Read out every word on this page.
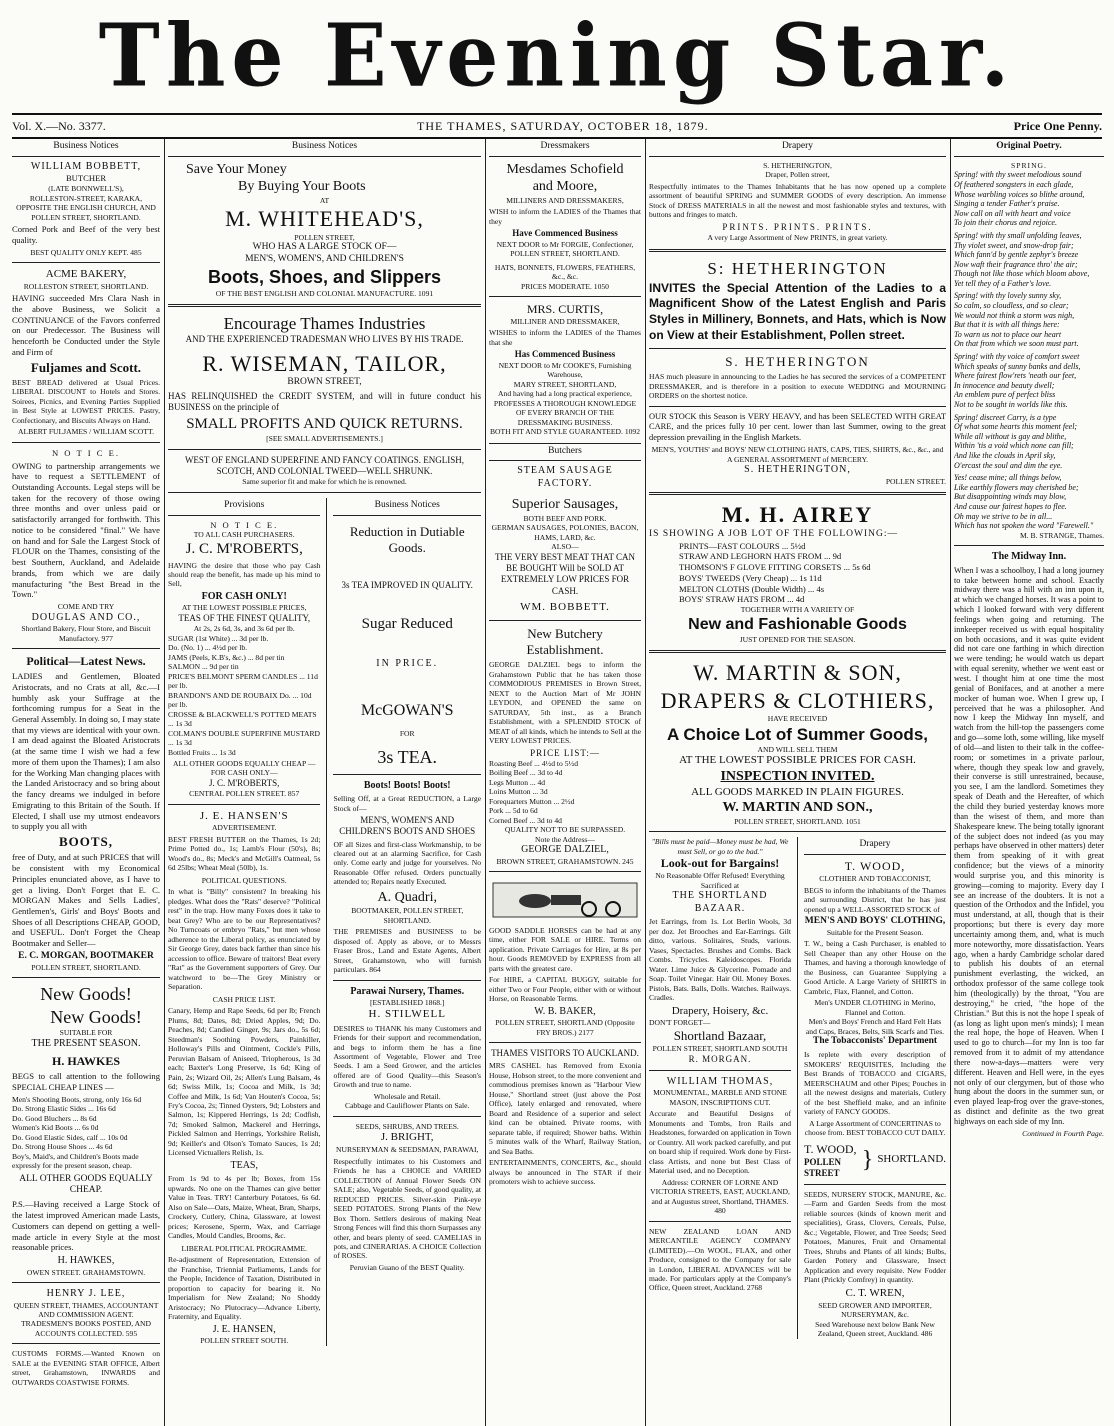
The Evening Star.
Vol. X.—No. 3377.	THE THAMES, SATURDAY, OCTOBER 18, 1879.	Price One Penny.
Business Notices
WILLIAM BOBBETT,
BUTCHER
(LATE BONNWELL'S),
ROLLESTON-STREET, KARAKA, OPPOSITE THE ENGLISH CHURCH, AND POLLEN STREET, SHORTLAND.
Corned Pork and Beef of the very best quality.
BEST QUALITY ONLY KEPT. 485
ACME BAKERY,
ROLLESTON STREET, SHORTLAND.
HAVING succeeded Mrs Clara Nash in the above Business, we Solicit a CONTINUANCE of the Favors conferred on our Predecessor. The Business will henceforth be Conducted under the Style and Firm of
Fuljames and Scott.
BEST BREAD delivered at Usual Prices. LIBERAL DISCOUNT to Hotels and Stores. Soirees, Picnics, and Evening Parties Supplied in Best Style at LOWEST PRICES. Pastry, Confectionary, and Biscuits Always on Hand.
ALBERT FULJAMES / WILLIAM SCOTT.
N O T I C E.
OWING to partnership arrangements we have to request a SETTLEMENT of Outstanding Accounts. Legal steps will be taken for the recovery of those owing three months and over unless paid or satisfactorily arranged for forthwith. This notice to be considered "final." We have on hand and for Sale the Largest Stock of FLOUR on the Thames, consisting of the best Southern, Auckland, and Adelaide brands, from which we are daily manufacturing "the Best Bread in the Town."
COME AND TRY
DOUGLAS AND CO.,
Shortland Bakery, Flour Store, and Biscuit Manufactory. 977
Political—Latest News.
LADIES and Gentlemen, Bloated Aristocrats, and no Crats at all, &c.—I humbly ask your Suffrage at the forthcoming rumpus for a Seat in the General Assembly. In doing so, I may state that my views are identical with your own. I am dead against the Bloated Aristocrats (at the same time I wish we had a few more of them upon the Thames); I am also for the Working Man changing places with the Landed Aristocracy and so bring about the fancy dreams we indulged in before Emigrating to this Britain of the South. If Elected, I shall use my utmost endeavors to supply you all with
BOOTS,
free of Duty, and at such PRICES that will be consistent with my Economical Principles enunciated above, as I have to get a living. Don't Forget that E. C. MORGAN Makes and Sells Ladies', Gentlemen's, Girls' and Boys' Boots and Shoes of all Descriptions CHEAP, GOOD, and USEFUL. Don't Forget the Cheap Bootmaker and Seller—
E. C. MORGAN, BOOTMAKER
POLLEN STREET, SHORTLAND.
New Goods!
New Goods!
SUITABLE FOR
THE PRESENT SEASON.
H. HAWKES
BEGS to call attention to the following SPECIAL CHEAP LINES —
Men's Shooting Boots, strong, only 16s 6d
Do. Strong Elastic Sides ... 16s 6d
Do. Good Bluchers ... 8s 6d
Women's Kid Boots ... 6s 0d
Do. Good Elastic Sides, calf ... 10s 0d
Do. Strong House Shoes ... 4s 6d
Boy's, Maid's, and Children's Boots made expressly for the present season, cheap.
ALL OTHER GOODS EQUALLY CHEAP.
P.S.—Having received a Large Stock of the latest improved American made Lasts, Customers can depend on getting a well-made article in every Style at the most reasonable prices.
H. HAWKES,
OWEN STREET. GRAHAMSTOWN.
HENRY J. LEE,
QUEEN STREET, THAMES, ACCOUNTANT AND COMMISSION AGENT. TRADESMEN'S BOOKS POSTED, AND ACCOUNTS COLLECTED. 595
CUSTOMS FORMS.—Wanted Known on SALE at the EVENING STAR OFFICE, Albert street, Grahamstown, INWARDS and OUTWARDS COASTWISE FORMS.
Business Notices
Save Your Money
By Buying Your Boots
AT
M. WHITEHEAD'S,
POLLEN STREET,
WHO HAS A LARGE STOCK OF—
MEN'S, WOMEN'S, AND CHILDREN'S
Boots, Shoes, and Slippers
OF THE BEST ENGLISH AND COLONIAL MANUFACTURE. 1091
Encourage Thames Industries
AND THE EXPERIENCED TRADESMAN WHO LIVES BY HIS TRADE.
R. WISEMAN, TAILOR,
BROWN STREET,
HAS RELINQUISHED the CREDIT SYSTEM, and will in future conduct his BUSINESS on the principle of
SMALL PROFITS AND QUICK RETURNS.
[SEE SMALL ADVERTISEMENTS.]
WEST OF ENGLAND SUPERFINE AND FANCY COATINGS. ENGLISH, SCOTCH, AND COLONIAL TWEED—WELL SHRUNK.
Same superior fit and make for which he is renowned.
Provisions
N O T I C E.
TO ALL CASH PURCHASERS.
J. C. M'ROBERTS,
HAVING the desire that those who pay Cash should reap the benefit, has made up his mind to Sell,
FOR CASH ONLY!
AT THE LOWEST POSSIBLE PRICES,
TEAS OF THE FINEST QUALITY,
At 2s, 2s 6d, 3s, and 3s 6d per lb.
SUGAR (1st White) ... 3d per lb.
Do. (No. 1) ... 4½d per lb.
JAMS (Peels, K.B's, &c.) ... 8d per tin
SALMON ... 9d per tin
PRICE'S BELMONT SPERM CANDLES ... 11d per lb.
BRANDON'S AND DE ROUBAIX Do. ... 10d per lb.
CROSSE & BLACKWELL'S POTTED MEATS ... 1s 3d
COLMAN'S DOUBLE SUPERFINE MUSTARD ... 1s 3d
Bottled Fruits ... 1s 3d
ALL OTHER GOODS EQUALLY CHEAP —FOR CASH ONLY—
J. C. M'ROBERTS,
CENTRAL POLLEN STREET. 857
J. E. HANSEN'S
ADVERTISEMENT.
BEST FRESH BUTTER on the Thames, 1s 2d; Prime Potted do., 1s; Lamb's Flour (50's), 8s; Wood's do., 8s; Meck's and McGill's Oatmeal, 5s 6d 25lbs; Wheat Meal (50lb), 1s.
POLITICAL QUESTIONS.
In what is "Billy" consistent? In breaking his pledges. What does the "Rats" deserve? "Political rest" in the trap. How many Foxes does it take to beat Grey? Who are to be our Representatives? No Turncoats or embryo "Rats," but men whose adherence to the Liberal policy, as enunciated by Sir George Grey, dates back farther than since his accession to office. Beware of traitors! Beat every "Rat" as the Government supporters of Grey. Our watchword to be—The Grey Ministry or Separation.
CASH PRICE LIST.
Canary, Hemp and Rape Seeds, 6d per lb; French Plums, 8d; Dates, 8d; Dried Apples, 9d; Do. Peaches, 8d; Candied Ginger, 9s; Jars do., 5s 6d; Steedman's Soothing Powders, Painkiller, Holloway's Pills and Ointment, Cockle's Pills, Peruvian Balsam of Aniseed, Triopherous, 1s 3d each; Baxter's Long Preserve, 1s 6d; King of Pain, 2s; Wizard Oil, 2s; Allen's Lung Balsam, 4s 6d; Swiss Milk, 1s; Cocoa and Milk, 1s 3d; Coffee and Milk, 1s 6d; Van Houten's Cocoa, 5s; Fry's Cocoa, 2s; Tinned Oysters, 9d; Lobsters and Salmon, 1s; Kippered Herrings, 1s 2d; Codfish, 7d; Smoked Salmon, Mackerel and Herrings, Pickled Salmon and Herrings, Yorkshire Relish, 9d; Keiller's and Olson's Tomato Sauces, 1s 2d; Licensed Victuallers Relish, 1s.
TEAS,
From 1s 9d to 4s per lb; Boxes, from 15s upwards. No one on the Thames can give better Value in Teas. TRY! Canterbury Potatoes, 6s 6d. Also on Sale—Oats, Maize, Wheat, Bran, Sharps, Crockery, Cutlery, China, Glassware, at lowest prices; Kerosene, Sperm, Wax, and Carriage Candles, Mould Candles, Brooms, &c.
LIBERAL POLITICAL PROGRAMME.
Re-adjustment of Representation, Extension of the Franchise, Triennial Parliaments, Lands for the People, Incidence of Taxation, Distributed in proportion to capacity for bearing it. No Imperialism for New Zealand; No Shoddy Aristocracy; No Plutocracy—Advance Liberty, Fraternity, and Equality.
J. E. HANSEN,
POLLEN STREET SOUTH.
Business Notices
Reduction in Dutiable Goods.
3s TEA IMPROVED IN QUALITY.
Sugar Reduced
IN PRICE.
McGOWAN'S
FOR
3s TEA.
Boots! Boots! Boots!
Selling Off, at a Great REDUCTION, a Large Stock of—
MEN'S, WOMEN'S AND CHILDREN'S BOOTS AND SHOES
OF all Sizes and first-class Workmanship, to be cleared out at an alarming Sacrifice, for Cash only. Come early and judge for yourselves. No Reasonable Offer refused. Orders punctually attended to; Repairs neatly Executed.
A. Quadri,
BOOTMAKER, POLLEN STREET, SHORTLAND.
THE PREMISES and BUSINESS to be disposed of. Apply as above, or to Messrs Fraser Bros., Land and Estate Agents, Albert Street, Grahamstown, who will furnish particulars. 864
Parawai Nursery, Thames.
[ESTABLISHED 1868.]
H. STILWELL
DESIRES to THANK his many Customers and Friends for their support and recommendation, and begs to inform them he has a fine Assortment of Vegetable, Flower and Tree Seeds. I am a Seed Grower, and the articles offered are of Good Quality—this Season's Growth and true to name.
Wholesale and Retail.
Cabbage and Cauliflower Plants on Sale.
SEEDS, SHRUBS, AND TREES.
J. BRIGHT,
NURSERYMAN & SEEDSMAN, PARAWAI,
Respectfully intimates to his Customers and Friends he has a CHOICE and VARIED COLLECTION of Annual Flower Seeds ON SALE; also, Vegetable Seeds, of good quality, at REDUCED PRICES. Silver-skin Pink-eye SEED POTATOES. Strong Plants of the New Box Thorn. Settlers desirous of making Neat Strong Fences will find this thorn Surpasses any other, and bears plenty of seed. CAMELIAS in pots, and CINERARIAS. A CHOICE Collection of ROSES.
Peruvian Guano of the BEST Quality.
Dressmakers
Mesdames Schofield
and Moore,
MILLINERS AND DRESSMAKERS,
WISH to inform the LADIES of the Thames that they
Have Commenced Business
NEXT DOOR to Mr FORGIE, Confectioner, POLLEN STREET, SHORTLAND.
HATS, BONNETS, FLOWERS, FEATHERS, &c., &c.
PRICES MODERATE. 1050
MRS. CURTIS,
MILLINER AND DRESSMAKER,
WISHES to inform the LADIES of the Thames that she
Has Commenced Business
NEXT DOOR to Mr COOKE'S, Furnishing Warehouse,
MARY STREET, SHORTLAND,
And having had a long practical experience, PROFESSES A THOROUGH KNOWLEDGE OF EVERY BRANCH OF THE DRESSMAKING BUSINESS.
BOTH FIT AND STYLE GUARANTEED. 1092
Butchers
STEAM SAUSAGE FACTORY.
Superior Sausages,
BOTH BEEF AND PORK.
GERMAN SAUSAGES, POLONIES, BACON, HAMS, LARD, &c.
ALSO—
THE VERY BEST MEAT THAT CAN BE BOUGHT Will be SOLD AT EXTREMELY LOW PRICES FOR CASH.
WM. BOBBETT.
New Butchery Establishment.
GEORGE DALZIEL begs to inform the Grahamstown Public that he has taken those COMMODIOUS PREMISES in Brown Street, NEXT to the Auction Mart of Mr JOHN LEYDON, and OPENED the same on SATURDAY, 5th inst., as a Branch Establishment, with a SPLENDID STOCK of MEAT of all kinds, which he intends to Sell at the VERY LOWEST PRICES.
PRICE LIST:—
Roasting Beef ... 4½d to 5½d
Boiling Beef ... 3d to 4d
Legs Mutton ... 4d
Loins Mutton ... 3d
Forequarters Mutton ... 2½d
Pork ... 5d to 6d
Corned Beef ... 3d to 4d
QUALITY NOT TO BE SURPASSED.
Note the Address—
GEORGE DALZIEL,
BROWN STREET, GRAHAMSTOWN. 245
GOOD SADDLE HORSES can be had at any time, either FOR SALE or HIRE. Terms on application. Private Carriages for Hire, at 8s per hour. Goods REMOVED by EXPRESS from all parts with the greatest care.
For HIRE, a CAPITAL BUGGY, suitable for either Two or Four People, either with or without Horse, on Reasonable Terms.
W. B. BAKER,
POLLEN STREET, SHORTLAND (Opposite FRY BROS.) 2177
THAMES VISITORS TO AUCKLAND.
MRS CASHEL has Removed from Exonia House, Hobson street, to the more convenient and commodious premises known as "Harbour View House," Shortland street (just above the Post Office), lately enlarged and renovated, where Board and Residence of a superior and select kind can be obtained. Private rooms, with separate table, if required; Shower baths. Within 5 minutes walk of the Wharf, Railway Station, and Sea Baths.
ENTERTAINMENTS, CONCERTS, &c., should always be announced in The STAR if their promoters wish to achieve success.
Drapery
S. HETHERINGTON,
Draper, Pollen street,
Respectfully intimates to the Thames Inhabitants that he has now opened up a complete assortment of beautiful SPRING and SUMMER GOODS of every description. An immense Stock of DRESS MATERIALS in all the newest and most fashionable styles and textures, with buttons and fringes to match.
PRINTS. PRINTS. PRINTS.
A very Large Assortment of New PRINTS, in great variety.
S: HETHERINGTON
INVITES the Special Attention of the Ladies to a Magnificent Show of the Latest English and Paris Styles in Millinery, Bonnets, and Hats, which is Now on View at their Establishment, Pollen street.
S. HETHERINGTON
HAS much pleasure in announcing to the Ladies he has secured the services of a COMPETENT DRESSMAKER, and is therefore in a position to execute WEDDING and MOURNING ORDERS on the shortest notice.
OUR STOCK this Season is VERY HEAVY, and has been SELECTED WITH GREAT CARE, and the prices fully 10 per cent. lower than last Summer, owing to the great depression prevailing in the English Markets.
MEN'S, YOUTHS' and BOYS' NEW CLOTHING HATS, CAPS, TIES, SHIRTS, &c., &c., and A GENERAL ASSORTMENT of MERCERY.
S. HETHERINGTON,
POLLEN STREET.
M. H. AIREY
IS SHOWING A JOB LOT OF THE FOLLOWING:—
PRINTS—FAST COLOURS ... 5½d
STRAW AND LEGHORN HATS FROM ... 9d
THOMSON'S F GLOVE FITTING CORSETS ... 5s 6d
BOYS' TWEEDS (Very Cheap) ... 1s 11d
MELTON CLOTHS (Double Width) ... 4s
BOYS' STRAW HATS FROM ... 4d
TOGETHER WITH A VARIETY OF
New and Fashionable Goods
JUST OPENED FOR THE SEASON.
W. MARTIN & SON,
DRAPERS & CLOTHIERS,
HAVE RECEIVED
A Choice Lot of Summer Goods,
AND WILL SELL THEM
AT THE LOWEST POSSIBLE PRICES FOR CASH.
INSPECTION INVITED.
ALL GOODS MARKED IN PLAIN FIGURES.
W. MARTIN AND SON.,
POLLEN STREET, SHORTLAND. 1051
"Bills must be paid—Money must be had, We must Sell, or go to the bad."
Look-out for Bargains!
No Reasonable Offer Refused! Everything Sacrificed at
THE SHORTLAND BAZAAR.
Jet Earrings, from 1s. Lot Berlin Wools, 3d per doz. Jet Brooches and Ear-Earrings. Gilt ditto, various. Solitaires, Studs, various. Vases, Spectacles. Brushes and Combs. Back Combs. Tricycles. Kaleidoscopes. Florida Water. Lime Juice & Glycerine. Pomade and Soap. Toilet Vinegar. Hair Oil. Money Boxes. Pistols, Bats. Balls, Dolls. Watches. Railways. Cradles.
Drapery, Hoisery, &c.
DON'T FORGET—
Shortland Bazaar,
POLLEN STREET, SHORTLAND SOUTH
R. MORGAN.
WILLIAM THOMAS,
MONUMENTAL, MARBLE AND STONE MASON, INSCRIPTIONS CUT.
Accurate and Beautiful Designs of Monuments and Tombs, Iron Rails and Headstones, forwarded on application in Town or Country. All work packed carefully, and put on board ship if required. Work done by First-class Artists, and none but Best Class of Material used, and no Deception.
Address: CORNER OF LORNE AND VICTORIA STREETS, EAST, AUCKLAND, and at Augustus street, Shortland, THAMES. 480
NEW ZEALAND LOAN AND MERCANTILE AGENCY COMPANY (LIMITED).—On WOOL, FLAX, and other Produce, consigned to the Company for sale in London, LIBERAL ADVANCES will be made. For particulars apply at the Company's Office, Queen street, Auckland. 2768
Drapery
T. WOOD,
CLOTHIER AND TOBACCONIST,
BEGS to inform the inhabitants of the Thames and surrounding District, that he has just opened up a WELL-ASSORTED STOCK of
MEN'S AND BOYS' CLOTHING,
Suitable for the Present Season.
T. W., being a Cash Purchaser, is enabled to Sell Cheaper than any other House on the Thames, and having a thorough knowledge of the Business, can Guarantee Supplying a Good Article. A Large Variety of SHIRTS in Cambric, Flax, Flannel, and Cotton.
Men's UNDER CLOTHING in Merino, Flannel and Cotton.
Men's and Boys' French and Hard Felt Hats and Caps, Braces, Belts, Silk Scarfs and Ties.
The Tobacconists' Department
Is replete with every description of SMOKERS' REQUISITES, Including the Best Brands of TOBACCO and CIGARS, MEERSCHAUM and other Pipes; Pouches in all the newest designs and materials, Cutlery of the best Sheffield make, and an infinite variety of FANCY GOODS.
A Large Assortment of CONCERTINAS to choose from. BEST TOBACCO CUT DAILY.
T. WOOD,
POLLEN STREET } SHORTLAND.
SEEDS, NURSERY STOCK, MANURE, &c.—Farm and Garden Seeds from the most reliable sources (kinds of known merit and specialities), Grass, Clovers, Cereals, Pulse, &c.; Vegetable, Flower, and Tree Seeds; Seed Potatoes, Manures, Fruit and Ornamental Trees, Shrubs and Plants of all kinds; Bulbs, Garden Pottery and Glassware, Insect Application and every requisite. New Fodder Plant (Prickly Comfrey) in quantity.
C. T. WREN,
SEED GROWER AND IMPORTER, NURSERYMAN, &c.
Seed Warehouse next below Bank New Zealand, Queen street, Auckland. 486
Original Poetry.
SPRING.
Spring! with thy sweet melodious sound
Of feathered songsters in each glade,
Whose warbling voices so blithe around,
Singing a tender Father's praise.
Now call on all with heart and voice
To join their chorus and rejoice.
Spring! with thy small unfolding leaves,
Thy violet sweet, and snow-drop fair;
Which fann'd by gentle zephyr's breeze
Now waft their fragrance thro' the air;
Though not like those which bloom above,
Yet tell they of a Father's love.
Spring! with thy lovely sunny sky,
So calm, so cloudless, and so clear;
We would not think a storm was nigh,
But that it is with all things here:
To warn us not to place our heart
On that from which we soon must part.
Spring! with thy voice of comfort sweet
Which speaks of sunny banks and dells,
Where fairest flow'rets 'neath our feet,
In innocence and beauty dwell;
An emblem pure of perfect bliss
Not to be sought in worlds like this.
Spring! discreet Carry, is a type
Of what some hearts this moment feel;
While all without is gay and blithe,
Within 'tis a void which none can fill;
And like the clouds in April sky,
O'ercast the soul and dim the eye.
Yes! cease mine; all things below,
Like earthly flowers may cherished be;
But disappointing winds may blow,
And cause our fairest hopes to flee.
Oh may we strive to be in all...
Which has not spoken the word "Farewell."
M. B. STRANGE, Thames.
The Midway Inn.
When I was a schoolboy, I had a long journey to take between home and school. Exactly midway there was a hill with an inn upon it, at which we changed horses. It was a point to which I looked forward with very different feelings when going and returning. The innkeeper received us with equal hospitality on both occasions, and it was quite evident did not care one farthing in which direction we were tending; he would watch us depart with equal serenity, whether we went east or west. I thought him at one time the most genial of Bonifaces, and at another a mere mocker of human woe. When I grew up, I perceived that he was a philosopher. And now I keep the Midway Inn myself, and watch from the hill-top the passengers come and go—some loth, some willing, like myself of old—and listen to their talk in the coffee-room; or sometimes in a private parlour, where, though they speak low and gravely, their converse is still unrestrained, because, you see, I am the landlord. Sometimes they speak of Death and the Hereafter, of which the child they buried yesterday knows more than the wisest of them, and more than Shakespeare knew. The being totally ignorant of the subject does not indeed (as you may perhaps have observed in other matters) deter them from speaking of it with great confidence; but the views of a minority would surprise you, and this minority is growing—coming to majority. Every day I see an increase of the doubters. It is not a question of the Orthodox and the Infidel, you must understand, at all, though that is their proportions; but there is every day more uncertainty among them, and, what is much more noteworthy, more dissatisfaction. Years ago, when a hardy Cambridge scholar dared to publish his doubts of an eternal punishment everlasting, the wicked, an orthodox professor of the same college took him (theologically) by the throat, "You are destroying," he cried, "the hope of the Christian." But this is not the hope I speak of (as long as light upon men's minds); I mean the real hope, the hope of Heaven. When I used to go to church—for my Inn is too far removed from it to admit of my attendance there now-a-days—matters were very different. Heaven and Hell were, in the eyes not only of our clergymen, but of those who hung about the doors in the summer sun, or even played leap-frog over the grave-stones, as distinct and definite as the two great highways on each side of my Inn.
Continued in Fourth Page.
